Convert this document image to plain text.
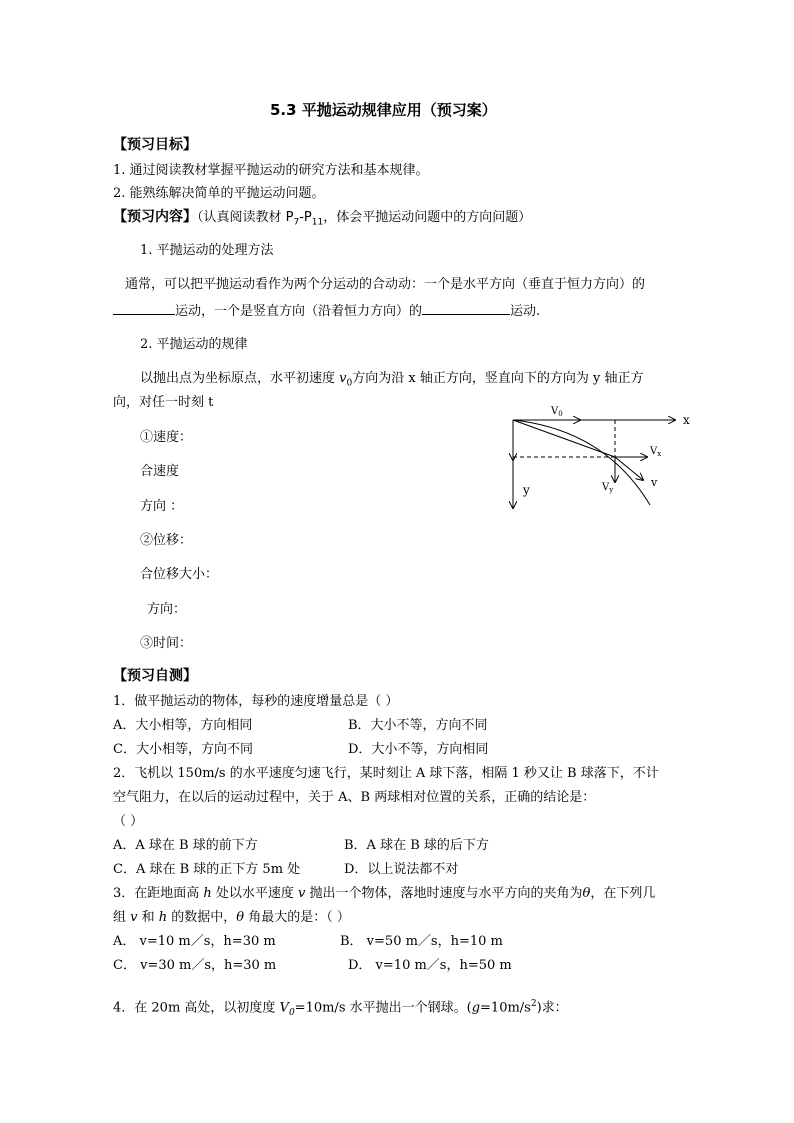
5.3 平抛运动规律应用（预习案）
【预习目标】
1. 通过阅读教材掌握平抛运动的研究方法和基本规律。
2. 能熟练解决简单的平抛运动问题。
【预习内容】（认真阅读教材 $P_7-P_{11}$，体会平抛运动问题中的方向问题）
1. 平抛运动的处理方法
通常，可以把平抛运动看作为两个分运动的合动动：一个是水平方向（垂直于恒力方向）的
运动，一个是竖直方向（沿着恒力方向）的	运动.
2. 平抛运动的规律
以抛出点为坐标原点，水平初速度 $v_0$方向为沿 x 轴正方向，竖直向下的方向为 y 轴正方
向，对任一时刻 t
①速度：
合速度
方向 ：
②位移：
合位移大小：
方向：
③时间：
x
y
$V_0$
$V_x$
$V_y$
v
【预习自测】
1．做平抛运动的物体，每秒的速度增量总是（ ）
A．大小相等，方向相同	B．大小不等，方向不同
C．大小相等，方向不同	D．大小不等，方向相同
2．飞机以 150m/s 的水平速度匀速飞行，某时刻让 A 球下落，相隔 1 秒又让 B 球落下，不计
空气阻力，在以后的运动过程中，关于 A、B 两球相对位置的关系，正确的结论是：
（ ）
A．A 球在 B 球的前下方	B．A 球在 B 球的后下方
C．A 球在 B 球的正下方 5m 处	D．以上说法都不对
3．在距地面高 h 处以水平速度 v 抛出一个物体，落地时速度与水平方向的夹角为θ，在下列几
组 v 和 h 的数据中，θ 角最大的是：（ ）
A． v=10 m／s，h=30 m	B． v=50 m／s，h=10 m
C． v=30 m／s，h=30 m	D． v=10 m／s，h=50 m
4．在 20m 高处，以初度度 $V_0=10m/s$ 水平抛出一个钢球。$(g=10m/s^2)$求：
